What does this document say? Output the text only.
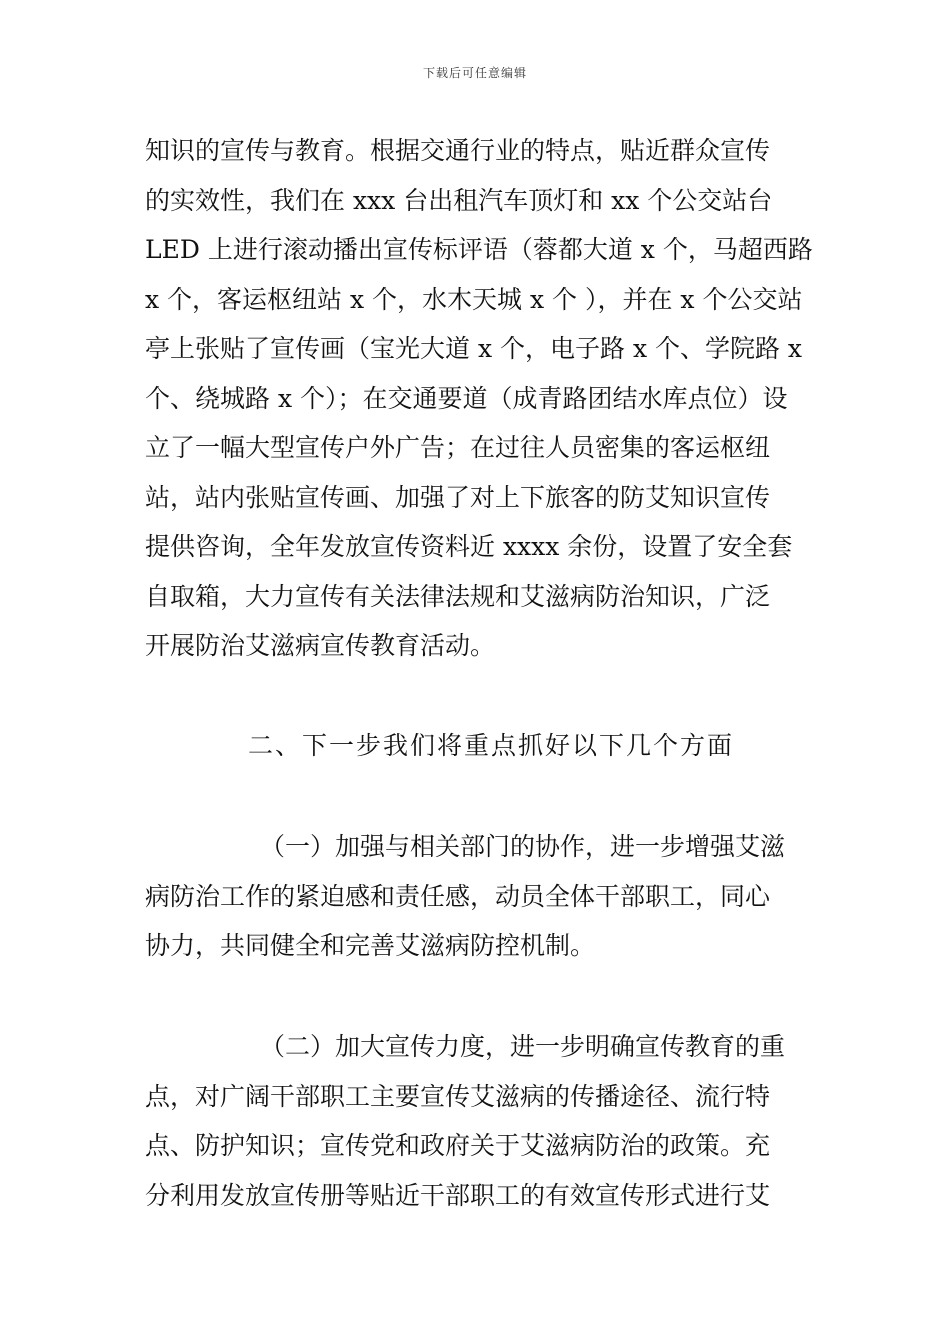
下载后可任意编辑
知识的宣传与教育。根据交通行业的特点，贴近群众宣传
的实效性，我们在 xxx 台出租汽车顶灯和 xx 个公交站台
LED 上进行滚动播出宣传标评语（蓉都大道 x 个，马超西路
x 个，客运枢纽站 x 个，水木天城 x 个 ），并在 x 个公交站
亭上张贴了宣传画（宝光大道 x 个，电子路 x 个、学院路 x
个、绕城路 x 个）；在交通要道（成青路团结水库点位）设
立了一幅大型宣传户外广告；在过往人员密集的客运枢纽
站，站内张贴宣传画、加强了对上下旅客的防艾知识宣传
提供咨询，全年发放宣传资料近 xxxx 余份，设置了安全套
自取箱，大力宣传有关法律法规和艾滋病防治知识，广泛
开展防治艾滋病宣传教育活动。
二、下一步我们将重点抓好以下几个方面
（一）加强与相关部门的协作，进一步增强艾滋
病防治工作的紧迫感和责任感，动员全体干部职工，同心
协力，共同健全和完善艾滋病防控机制。
（二）加大宣传力度，进一步明确宣传教育的重
点，对广阔干部职工主要宣传艾滋病的传播途径、流行特
点、防护知识；宣传党和政府关于艾滋病防治的政策。充
分利用发放宣传册等贴近干部职工的有效宣传形式进行艾
